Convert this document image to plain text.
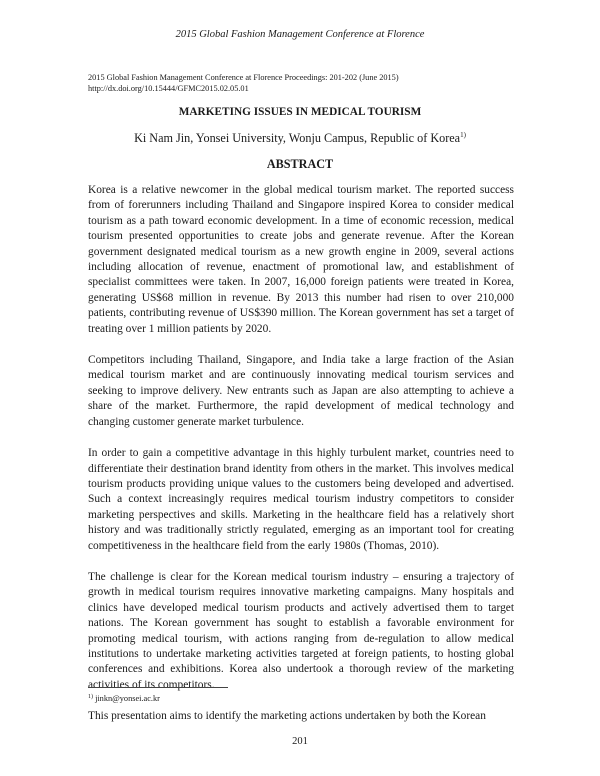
2015 Global Fashion Management Conference at Florence
2015 Global Fashion Management Conference at Florence Proceedings: 201-202 (June 2015)
http://dx.doi.org/10.15444/GFMC2015.02.05.01
MARKETING ISSUES IN MEDICAL TOURISM
Ki Nam Jin, Yonsei University, Wonju Campus, Republic of Korea$^{1)}$
ABSTRACT

Korea is a relative newcomer in the global medical tourism market. The reported success from of forerunners including Thailand and Singapore inspired Korea to consider medical tourism as a path toward economic development. In a time of economic recession, medical tourism presented opportunities to create jobs and generate revenue. After the Korean government designated medical tourism as a new growth engine in 2009, several actions including allocation of revenue, enactment of promotional law, and establishment of specialist committees were taken. In 2007, 16,000 foreign patients were treated in Korea, generating US$68 million in revenue. By 2013 this number had risen to over 210,000 patients, contributing revenue of US$390 million. The Korean government has set a target of treating over 1 million patients by 2020.

Competitors including Thailand, Singapore, and India take a large fraction of the Asian medical tourism market and are continuously innovating medical tourism services and seeking to improve delivery. New entrants such as Japan are also attempting to achieve a share of the market. Furthermore, the rapid development of medical technology and changing customer generate market turbulence.

In order to gain a competitive advantage in this highly turbulent market, countries need to differentiate their destination brand identity from others in the market. This involves medical tourism products providing unique values to the customers being developed and advertised. Such a context increasingly requires medical tourism industry competitors to consider marketing perspectives and skills. Marketing in the healthcare field has a relatively short history and was traditionally strictly regulated, emerging as an important tool for creating competitiveness in the healthcare field from the early 1980s (Thomas, 2010).

The challenge is clear for the Korean medical tourism industry – ensuring a trajectory of growth in medical tourism requires innovative marketing campaigns. Many hospitals and clinics have developed medical tourism products and actively advertised them to target nations. The Korean government has sought to establish a favorable environment for promoting medical tourism, with actions ranging from de-regulation to allow medical institutions to undertake marketing activities targeted at foreign patients, to hosting global conferences and exhibitions. Korea also undertook a thorough review of the marketing activities of its competitors.

This presentation aims to identify the marketing actions undertaken by both the Korean

$^{1)}$ jinkn@yonsei.ac.kr
201
